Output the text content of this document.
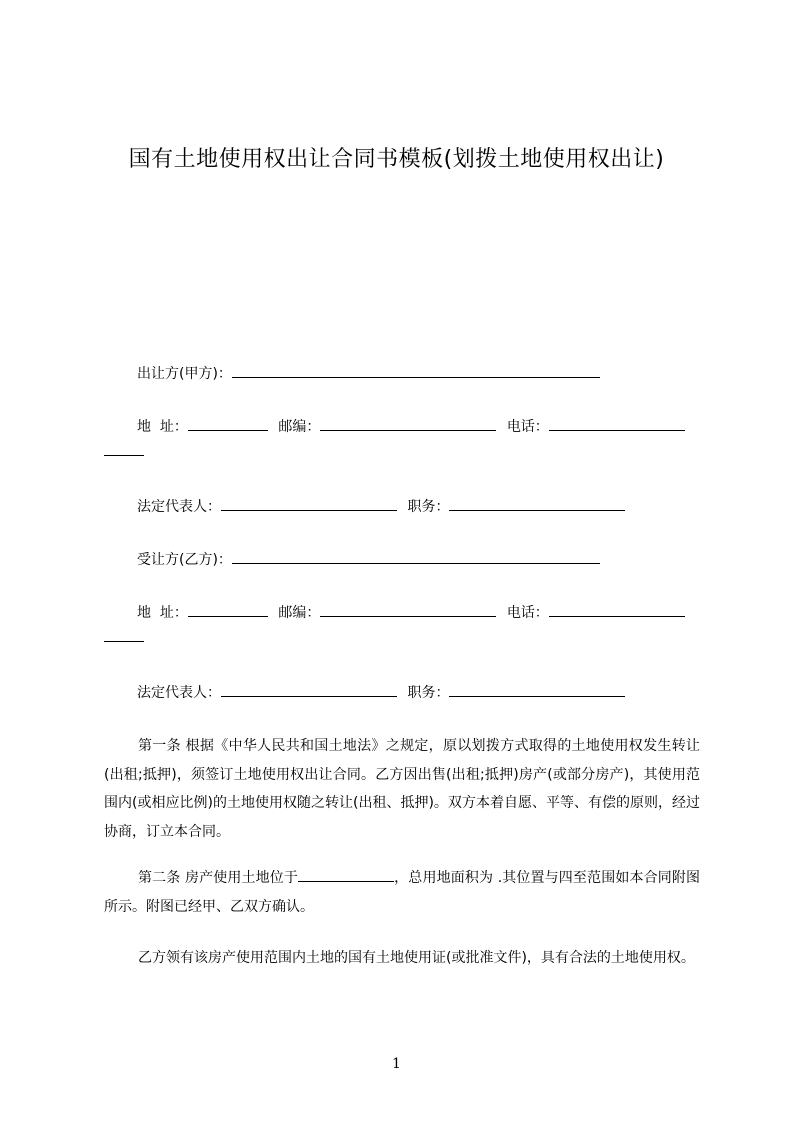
国有土地使用权出让合同书模板(划拨土地使用权出让)
出让方(甲方)：
地  址：	邮编：	电话：
法定代表人：	职务：
受让方(乙方)：
地  址：	邮编：	电话：
法定代表人：	职务：
第一条 根据《中华人民共和国土地法》之规定，原以划拨方式取得的土地使用权发生转让(出租;抵押)，须签订土地使用权出让合同。乙方因出售(出租;抵押)房产(或部分房产)，其使用范围内(或相应比例)的土地使用权随之转让(出租、抵押)。双方本着自愿、平等、有偿的原则，经过协商，订立本合同。
第二条 房产使用土地位于	，总用地面积为 .其位置与四至范围如本合同附图所示。附图已经甲、乙双方确认。
乙方领有该房产使用范围内土地的国有土地使用证(或批准文件)，具有合法的土地使用权。
1
